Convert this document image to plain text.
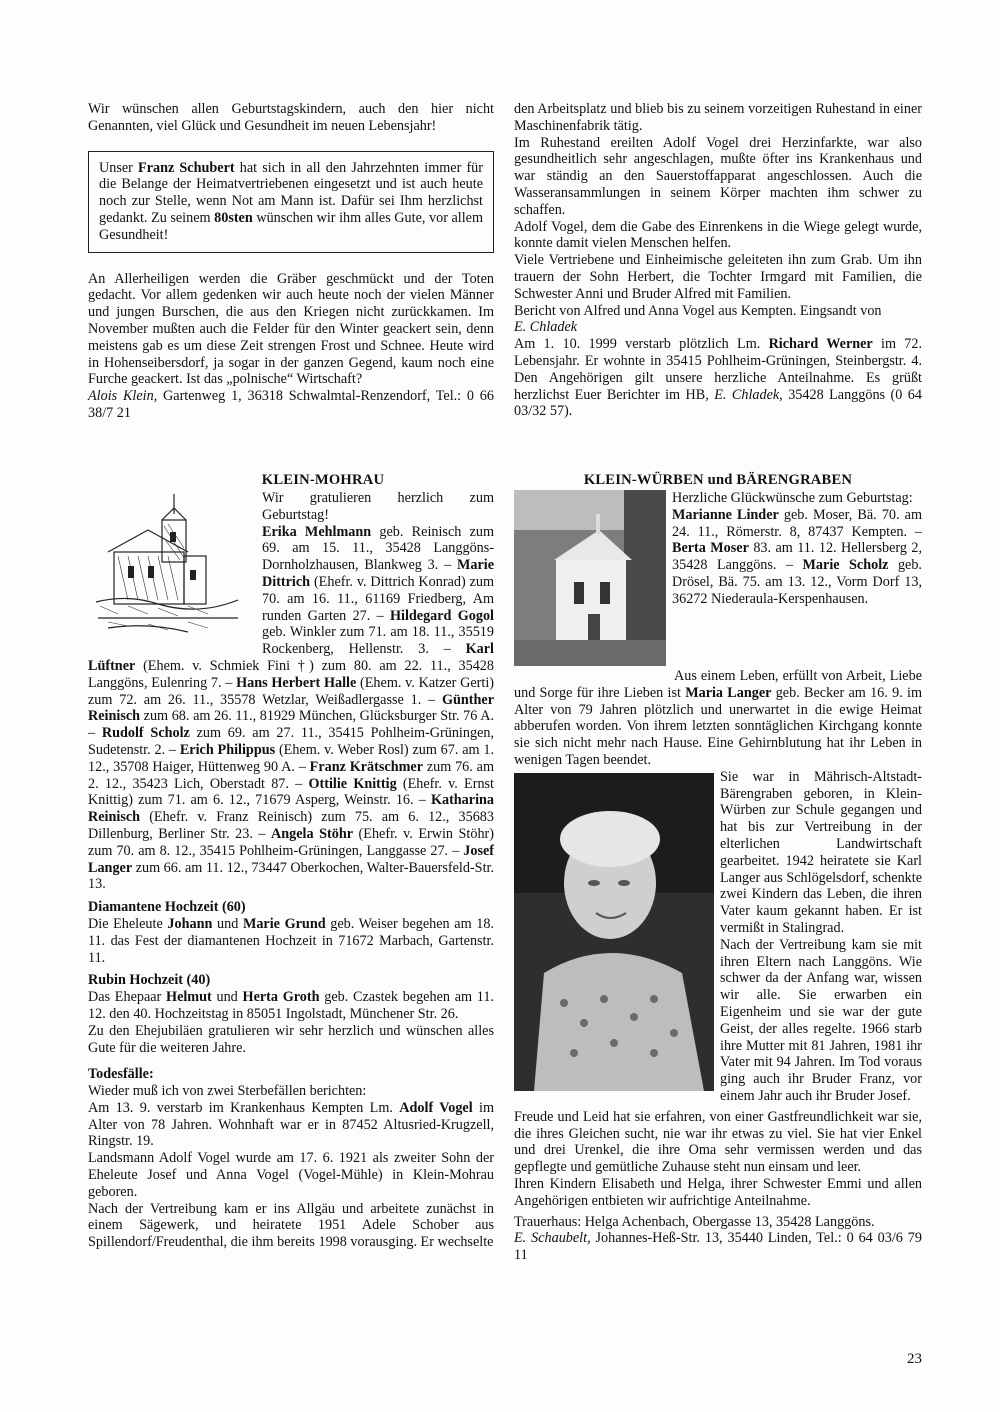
Wir wünschen allen Geburtstagskindern, auch den hier nicht Genannten, viel Glück und Gesundheit im neuen Lebensjahr!

Unser Franz Schubert hat sich in all den Jahrzehnten immer für die Belange der Heimatvertriebenen eingesetzt und ist auch heute noch zur Stelle, wenn Not am Mann ist. Dafür sei Ihm herzlichst gedankt. Zu seinem 80sten wünschen wir ihm alles Gute, vor allem Gesundheit!

An Allerheiligen werden die Gräber geschmückt und der Toten gedacht. Vor allem gedenken wir auch heute noch der vielen Männer und jungen Burschen, die aus den Kriegen nicht zurückkamen. Im November mußten auch die Felder für den Winter geackert sein, denn meistens gab es um diese Zeit strengen Frost und Schnee. Heute wird in Hohenseibersdorf, ja sogar in der ganzen Gegend, kaum noch eine Furche geackert. Ist das „polnische“ Wirtschaft?

Alois Klein, Gartenweg 1, 36318 Schwalmtal-Renzendorf, Tel.: 0 66 38/7 21

den Arbeitsplatz und blieb bis zu seinem vorzeitigen Ruhestand in einer Maschinenfabrik tätig.

Im Ruhestand ereilten Adolf Vogel drei Herzinfarkte, war also gesundheitlich sehr angeschlagen, mußte öfter ins Krankenhaus und war ständig an den Sauerstoffapparat angeschlossen. Auch die Wasseransammlungen in seinem Körper machten ihm schwer zu schaffen.

Adolf Vogel, dem die Gabe des Einrenkens in die Wiege gelegt wurde, konnte damit vielen Menschen helfen.

Viele Vertriebene und Einheimische geleiteten ihn zum Grab. Um ihn trauern der Sohn Herbert, die Tochter Irmgard mit Familien, die Schwester Anni und Bruder Alfred mit Familien.

Bericht von Alfred und Anna Vogel aus Kempten. Eingsandt von
E. Chladek

Am 1. 10. 1999 verstarb plötzlich Lm. Richard Werner im 72. Lebensjahr. Er wohnte in 35415 Pohlheim-Grüningen, Steinbergstr. 4. Den Angehörigen gilt unsere herzliche Anteilnahme. Es grüßt herzlichst Euer Berichter im HB, E. Chladek, 35428 Langgöns (0 64 03/32 57).

KLEIN-MOHRAU

Wir gratulieren herzlich zum Geburtstag!

Erika Mehlmann geb. Reinisch zum 69. am 15. 11., 35428 Langgöns-Dornholzhausen, Blankweg 3. – Marie Dittrich (Ehefr. v. Dittrich Konrad) zum 70. am 16. 11., 61169 Friedberg, Am runden Garten 27. – Hildegard Gogol geb. Winkler zum 71. am 18. 11., 35519 Rockenberg, Hellenstr. 3. – Karl Lüftner (Ehem. v. Schmiek Fini †) zum 80. am 22. 11., 35428 Langgöns, Eulenring 7. – Hans Herbert Halle (Ehem. v. Katzer Gerti) zum 72. am 26. 11., 35578 Wetzlar, Weißadlergasse 1. – Günther Reinisch zum 68. am 26. 11., 81929 München, Glücksburger Str. 76 A. – Rudolf Scholz zum 69. am 27. 11., 35415 Pohlheim-Grüningen, Sudetenstr. 2. – Erich Philippus (Ehem. v. Weber Rosl) zum 67. am 1. 12., 35708 Haiger, Hüttenweg 90 A. – Franz Krätschmer zum 76. am 2. 12., 35423 Lich, Oberstadt 87. – Ottilie Knittig (Ehefr. v. Ernst Knittig) zum 71. am 6. 12., 71679 Asperg, Weinstr. 16. – Katharina Reinisch (Ehefr. v. Franz Reinisch) zum 75. am 6. 12., 35683 Dillenburg, Berliner Str. 23. – Angela Stöhr (Ehefr. v. Erwin Stöhr) zum 70. am 8. 12., 35415 Pohlheim-Grüningen, Langgasse 27. – Josef Langer zum 66. am 11. 12., 73447 Oberkochen, Walter-Bauersfeld-Str. 13.

Diamantene Hochzeit (60)

Die Eheleute Johann und Marie Grund geb. Weiser begehen am 18. 11. das Fest der diamantenen Hochzeit in 71672 Marbach, Gartenstr. 11.

Rubin Hochzeit (40)

Das Ehepaar Helmut und Herta Groth geb. Czastek begehen am 11. 12. den 40. Hochzeitstag in 85051 Ingolstadt, Münchener Str. 26.

Zu den Ehejubiläen gratulieren wir sehr herzlich und wünschen alles Gute für die weiteren Jahre.

Todesfälle:

Wieder muß ich von zwei Sterbefällen berichten:

Am 13. 9. verstarb im Krankenhaus Kempten Lm. Adolf Vogel im Alter von 78 Jahren. Wohnhaft war er in 87452 Altusried-Krugzell, Ringstr. 19.

Landsmann Adolf Vogel wurde am 17. 6. 1921 als zweiter Sohn der Eheleute Josef und Anna Vogel (Vogel-Mühle) in Klein-Mohrau geboren.

Nach der Vertreibung kam er ins Allgäu und arbeitete zunächst in einem Sägewerk, und heiratete 1951 Adele Schober aus Spillendorf/Freudenthal, die ihm bereits 1998 vorausging. Er wechselte

KLEIN-WÜRBEN und BÄRENGRABEN

Herzliche Glückwünsche zum Geburtstag:

Marianne Linder geb. Moser, Bä. 70. am 24. 11., Römerstr. 8, 87437 Kempten. – Berta Moser 83. am 11. 12. Hellersberg 2, 35428 Langgöns. – Marie Scholz geb. Drösel, Bä. 75. am 13. 12., Vorm Dorf 13, 36272 Niederaula-Kerspenhausen.

Aus einem Leben, erfüllt von Arbeit, Liebe und Sorge für ihre Lieben ist Maria Langer geb. Becker am 16. 9. im Alter von 79 Jahren plötzlich und unerwartet in die ewige Heimat abberufen worden. Von ihrem letzten sonntäglichen Kirchgang konnte sie sich nicht mehr nach Hause. Eine Gehirnblutung hat ihr Leben in wenigen Tagen beendet.

Sie war in Mährisch-Altstadt-Bärengraben geboren, in Klein-Würben zur Schule gegangen und hat bis zur Vertreibung in der elterlichen Landwirtschaft gearbeitet. 1942 heiratete sie Karl Langer aus Schlögelsdorf, schenkte zwei Kindern das Leben, die ihren Vater kaum gekannt haben. Er ist vermißt in Stalingrad.

Nach der Vertreibung kam sie mit ihren Eltern nach Langgöns. Wie schwer da der Anfang war, wissen wir alle. Sie erwarben ein Eigenheim und sie war der gute Geist, der alles regelte. 1966 starb ihre Mutter mit 81 Jahren, 1981 ihr Vater mit 94 Jahren. Im Tod voraus ging auch ihr Bruder Franz, vor einem Jahr auch ihr Bruder Josef.

Freude und Leid hat sie erfahren, von einer Gastfreundlichkeit war sie, die ihres Gleichen sucht, nie war ihr etwas zu viel. Sie hat vier Enkel und drei Urenkel, die ihre Oma sehr vermissen werden und das gepflegte und gemütliche Zuhause steht nun einsam und leer.

Ihren Kindern Elisabeth und Helga, ihrer Schwester Emmi und allen Angehörigen entbieten wir aufrichtige Anteilnahme.

Trauerhaus: Helga Achenbach, Obergasse 13, 35428 Langgöns.

E. Schaubelt, Johannes-Heß-Str. 13, 35440 Linden, Tel.: 0 64 03/6 79 11

23
